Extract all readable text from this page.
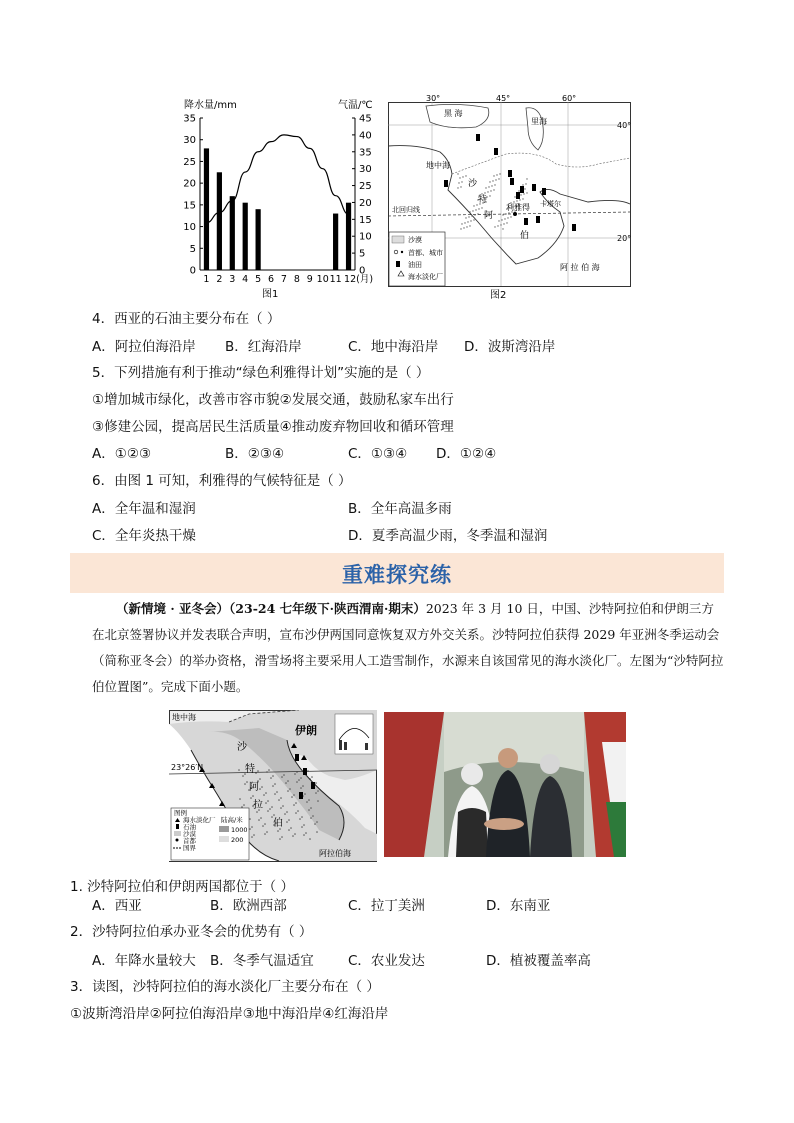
降水量/mm	气温/℃
35
30
25
20
15
10
5
0
45
40
35
30
25
20
15
10
5
0
1 2 3 4 5 6 7 8 9 10 11 12(月)
图1
30°	45°	60°
40°
20°
黑 海
里海
地中海
沙
特
阿
伯
利雅得 卡塔尔
北回归线
阿 拉 伯 海
沙漠
首都、城市
油田
海水淡化厂
图2
4．西亚的石油主要分布在（ ）
A．阿拉伯海沿岸 B．红海沿岸	C．地中海沿岸 D．波斯湾沿岸
5．下列措施有利于推动“绿色利雅得计划”实施的是（ ）
①增加城市绿化，改善市容市貌②发展交通，鼓励私家车出行
③修建公园，提高居民生活质量④推动废弃物回收和循环管理
A．①②③	B．②③④	C．①③④ D．①②④
6．由图 1 可知，利雅得的气候特征是（ ）
A．全年温和湿润	B．全年高温多雨
C．全年炎热干燥	D．夏季高温少雨，冬季温和湿润
重难探究练
（新情境 · 亚冬会）（23-24 七年级下·陕西渭南·期末）2023 年 3 月 10 日，中国、沙特阿拉伯和伊朗三方在北京签署协议并发表联合声明，宣布沙伊两国同意恢复双方外交关系。沙特阿拉伯获得 2029 年亚洲冬季运动会（简称亚冬会）的举办资格，滑雪场将主要采用人工造雪制作，水源来自该国常见的海水淡化厂。左图为“沙特阿拉伯位置图”。完成下面小题。
地中海
伊朗
23°26′N
沙
特
阿
拉
伯
图例
海水淡化厂
石油
沙漠
首都
国界
陆高/米
1000
200
阿拉伯海
1. 沙特阿拉伯和伊朗两国都位于（ ）
A．西亚	B．欧洲西部	C．拉丁美洲	D．东南亚
2．沙特阿拉伯承办亚冬会的优势有（ ）
A．年降水量较大 B．冬季气温适宜	C．农业发达	D．植被覆盖率高
3．读图，沙特阿拉伯的海水淡化厂主要分布在（ ）
①波斯湾沿岸②阿拉伯海沿岸③地中海沿岸④红海沿岸
